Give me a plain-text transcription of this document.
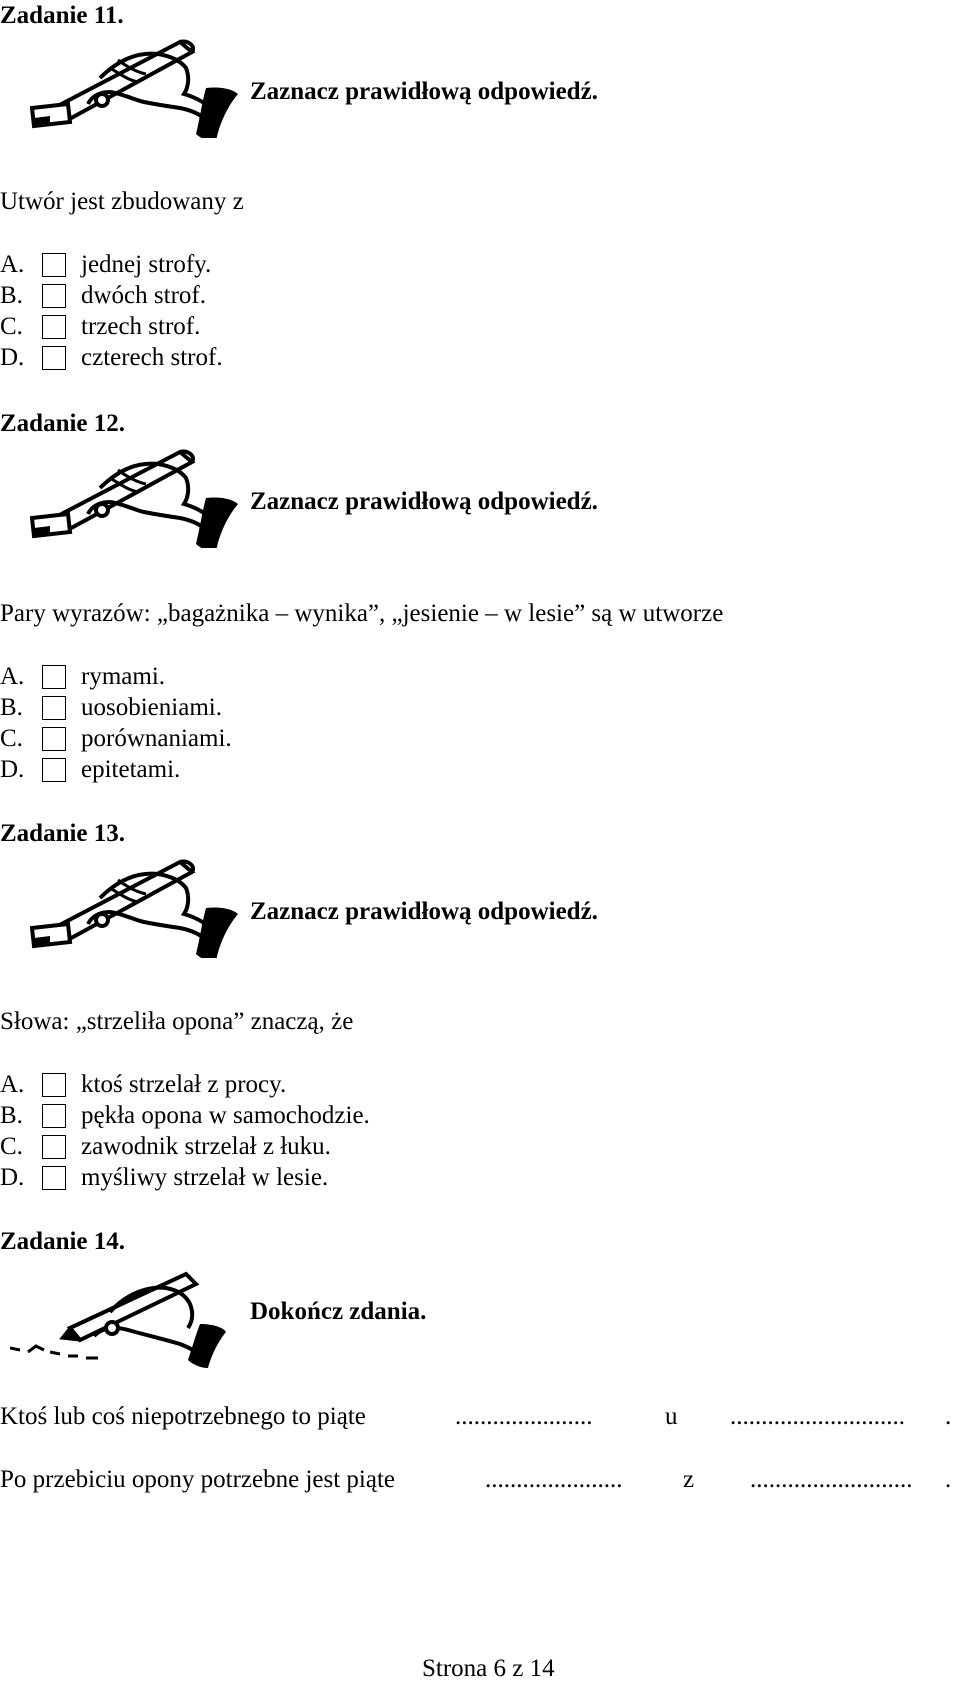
Zadanie 11.
Zaznacz prawidłową odpowiedź.
Utwór jest zbudowany z
A.	jednej strofy.
B.	dwóch strof.
C.	trzech strof.
D.	czterech strof.
Zadanie 12.
Zaznacz prawidłową odpowiedź.
Pary wyrazów: „bagażnika – wynika”, „jesienie – w lesie” są w utworze
A.	rymami.
B.	uosobieniami.
C.	porównaniami.
D.	epitetami.
Zadanie 13.
Zaznacz prawidłową odpowiedź.
Słowa: „strzeliła opona” znaczą, że
A.	ktoś strzelał z procy.
B.	pękła opona w samochodzie.
C.	zawodnik strzelał z łuku.
D.	myśliwy strzelał w lesie.
Zadanie 14.
Dokończ zdania.
Ktoś lub coś niepotrzebnego to piąte	......................	u ............................ .
Po przebiciu opony potrzebne jest piąte	...................... z .......................... .
Strona 6 z 14
